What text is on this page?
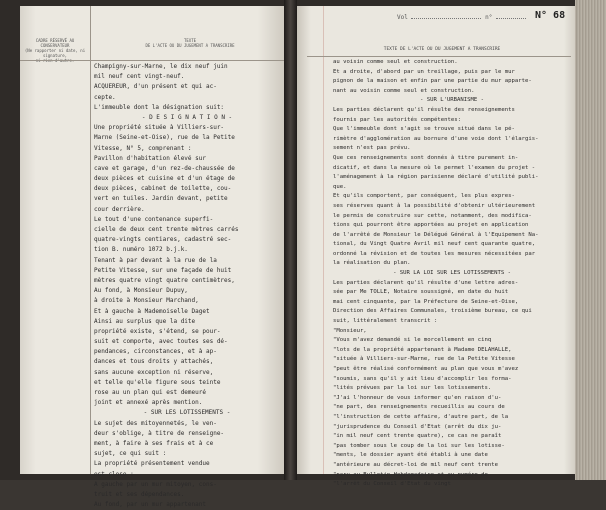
CADRE RÉSERVÉ AU CONSERVATEUR
(Ne rapporter ni date, ni signature,
ni rien d'autre.
TEXTE
DE L'ACTE OU DU JUGEMENT A TRANSCRIRE
Champigny-sur-Marne, le dix neuf juin
mil neuf cent vingt-neuf.
ACQUEREUR, d'un présent et qui ac-
cepte.
L'immeuble dont la désignation suit:
- D E S I G N A T I O N -
Une propriété située à Villiers-sur-
Marne (Seine-et-Oise), rue de la Petite
Vitesse, N° 5, comprenant :
Pavillon d'habitation élevé sur
cave et garage, d'un rez-de-chaussée de
deux pièces et cuisine et d'un étage de
deux pièces, cabinet de toilette, cou-
vert en tuiles. Jardin devant, petite
cour derrière.
Le tout d'une contenance superfi-
cielle de deux cent trente mètres carrés
quatre-vingts centiares, cadastré sec-
tion B. numéro 1072 b.j.k.
Tenant à par devant à la rue de la
Petite Vitesse, sur une façade de huit
mètres quatre vingt quatre centimètres,
Au fond, à Monsieur Dupuy,
à droite à Monsieur Marchand,
Et à gauche à Mademoiselle Daget
Ainsi au surplus que la dite
propriété existe, s'étend, se pour-
suit et comporte, avec toutes ses dé-
pendances, circonstances, et à ap-
dances et tous droits y attachés,
sans aucune exception ni réserve,
et telle qu'elle figure sous teinte
rose au un plan qui est demeuré
joint et annexé après mention.
- SUR LES LOTISSEMENTS -
Le sujet des mitoyennetés, le ven-
deur s'oblige, à titre de renseigne-
ment, à faire à ses frais et à ce
sujet, ce qui suit :
La propriété présentement vendue
est close :
A gauche par un mur mitoyen, cons-
truit et ses dépendances.
Au fond, par un mur appartenant
Vol	n°	N° 68
TEXTE DE L'ACTE OU DU JUGEMENT A TRANSCRIRE
au voisin comme seul et construction.
Et a droite, d'abord par un treillage, puis par le mur
pignon de la maison et enfin par une partie du mur apparte-
nant au voisin comme seul et construction.
- SUR L'URBANISME -
Les parties déclarent qu'il résulte des renseignements
fournis par les autorités compétentes:
Que l'immeuble dont s'agit se trouve situé dans le pé-
rimètre d'agglomération au bornure d'une voie dont l'élargis-
sement n'est pas prévu.
Que ces renseignements sont donnés à titre purement in-
dicatif, et dans la mesure où le permet l'examen du projet -
l'aménagement à la région parisienne déclaré d'utilité publi-
que.
Et qu'ils comportent, par conséquent, les plus expres-
ses réserves quant à la possibilité d'obtenir ultérieurement
le permis de construire sur cette, notamment, des modifica-
tions qui pourront être apportées au projet en application
de l'arrêté de Monsieur le Délégué Général à l'Equipement Na-
tional, du Vingt Quatre Avril mil neuf cent quarante quatre,
ordonné la révision et de toutes les mesures nécessitées par
la réalisation du plan.
- SUR LA LOI SUR LES LOTISSEMENTS -
Les parties déclarent qu'il résulte d'une lettre adres-
sée par Me TOLLE, Notaire soussigné, en date du huit
mai cent cinquante, par la Préfecture de Seine-et-Oise,
Direction des Affaires Communales, troisième bureau, ce qui
suit, littéralement transcrit :
"Monsieur,
"Vous m'avez demandé si le morcellement en cinq
"lots de la propriété appartenant à Madame DELAHALLE,
"située à Villiers-sur-Marne, rue de la Petite Vitesse
"peut être réalisé conformément au plan que vous m'avez
"soumis, sans qu'il y ait lieu d'accomplir les forma-
"lités prévues par la loi sur les lotissements.
"J'ai l'honneur de vous informer qu'en raison d'u-
"ne part, des renseignements recueillis au cours de
"l'instruction de cette affaire, d'autre part, de la
"jurisprudence du Conseil d'Etat (arrêt du dix ju-
"in mil neuf cent trente quatre), ce cas ne paraît
"pas tomber sous le coup de la loi sur les lotisse-
"ments, le dossier ayant été établi à une date
"antérieure au décret-loi de mil neuf cent trente
"paru au Bulletin Hebdomadaire et au numéro de
"l'arrêt du Conseil d'Etat du vingt
